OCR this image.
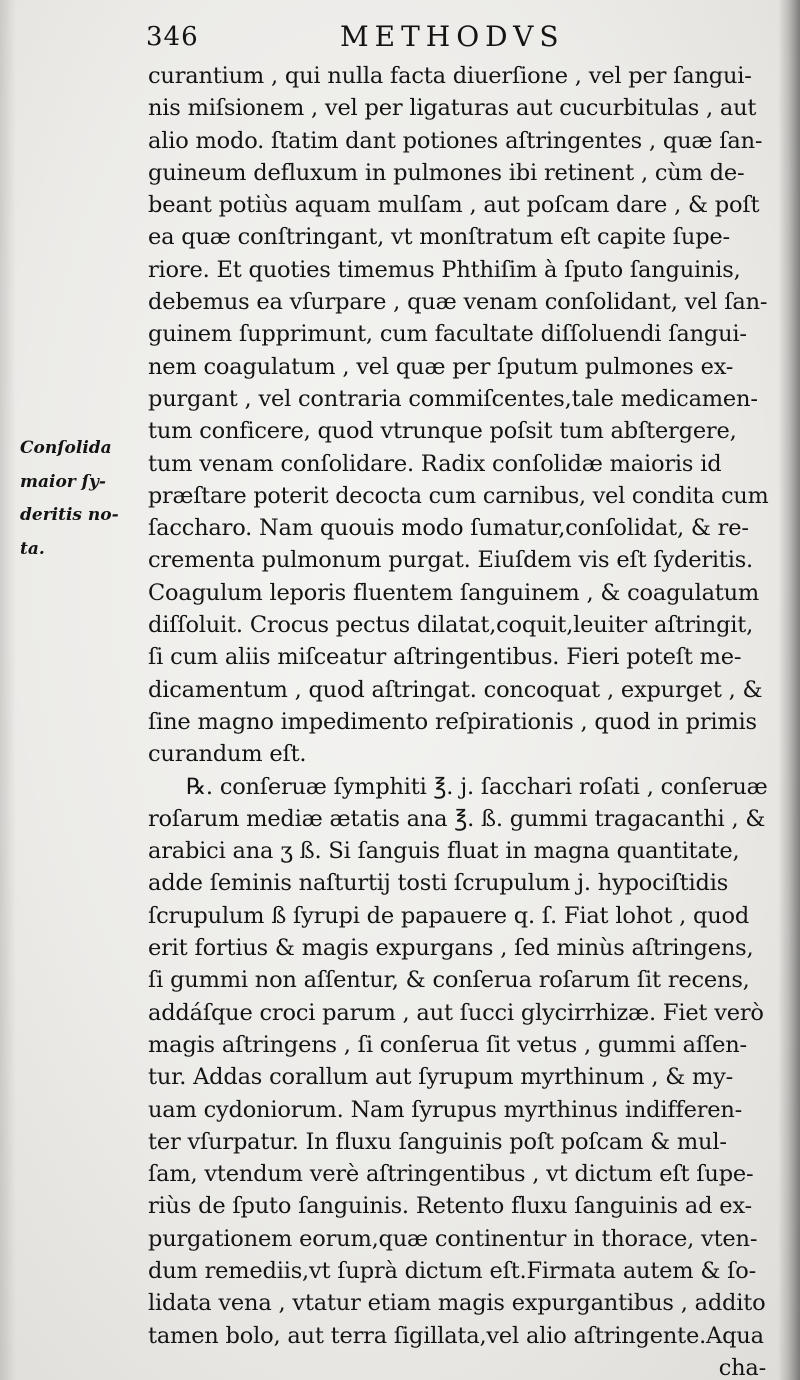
346	METHODVS
Conſolida
maior ſy-
deritis no-
ta.
curantium , qui nulla facta diuerſione , vel per ſangui-
nis miſsionem , vel per ligaturas aut cucurbitulas , aut
alio modo. ſtatim dant potiones aſtringentes , quæ ſan-
guineum defluxum in pulmones ibi retinent , cùm de-
beant potiùs aquam mulſam , aut poſcam dare , & poſt
ea quæ conſtringant, vt monſtratum eſt capite ſupe-
riore. Et quoties timemus Phthiſim à ſputo ſanguinis,
debemus ea vſurpare , quæ venam conſolidant, vel ſan-
guinem ſupprimunt, cum facultate diſſoluendi ſangui-
nem coagulatum , vel quæ per ſputum pulmones ex-
purgant , vel contraria commiſcentes,tale medicamen-
tum conficere, quod vtrunque poſsit tum abſtergere,
tum venam conſolidare. Radix conſolidæ maioris id
præſtare poterit decocta cum carnibus, vel condita cum
ſaccharo. Nam quouis modo ſumatur,conſolidat, & re-
crementa pulmonum purgat. Eiuſdem vis eſt ſyderitis.
Coagulum leporis fluentem ſanguinem , & coagulatum
diſſoluit. Crocus pectus dilatat,coquit,leuiter aſtringit,
ſi cum aliis miſceatur aſtringentibus. Fieri poteſt me-
dicamentum , quod aſtringat. concoquat , expurget , &
ſine magno impedimento reſpirationis , quod in primis
curandum eſt.
℞. conſeruæ ſymphiti ℥. j. ſacchari roſati , conſeruæ
roſarum mediæ ætatis ana ℥. ß. gummi tragacanthi , &
arabici ana ʒ ß. Si ſanguis fluat in magna quantitate,
adde ſeminis naſturtij tosti ſcrupulum j. hypociſtidis
ſcrupulum ß ſyrupi de papauere q. ſ. Fiat lohot , quod
erit fortius & magis expurgans , ſed minùs aſtringens,
ſi gummi non aſſentur, & conſerua roſarum ſit recens,
addáſque croci parum , aut ſucci glycirrhizæ. Fiet verò
magis aſtringens , ſi conſerua ſit vetus , gummi aſſen-
tur. Addas corallum aut ſyrupum myrthinum , & my-
uam cydoniorum. Nam ſyrupus myrthinus indifferen-
ter vſurpatur. In fluxu ſanguinis poſt poſcam & mul-
ſam, vtendum verè aſtringentibus , vt dictum eſt ſupe-
riùs de ſputo ſanguinis. Retento fluxu ſanguinis ad ex-
purgationem eorum,quæ continentur in thorace, vten-
dum remediis,vt ſuprà dictum eſt.Firmata autem & ſo-
lidata vena , vtatur etiam magis expurgantibus , addito
tamen bolo, aut terra ſigillata,vel alio aſtringente.Aqua
cha-
